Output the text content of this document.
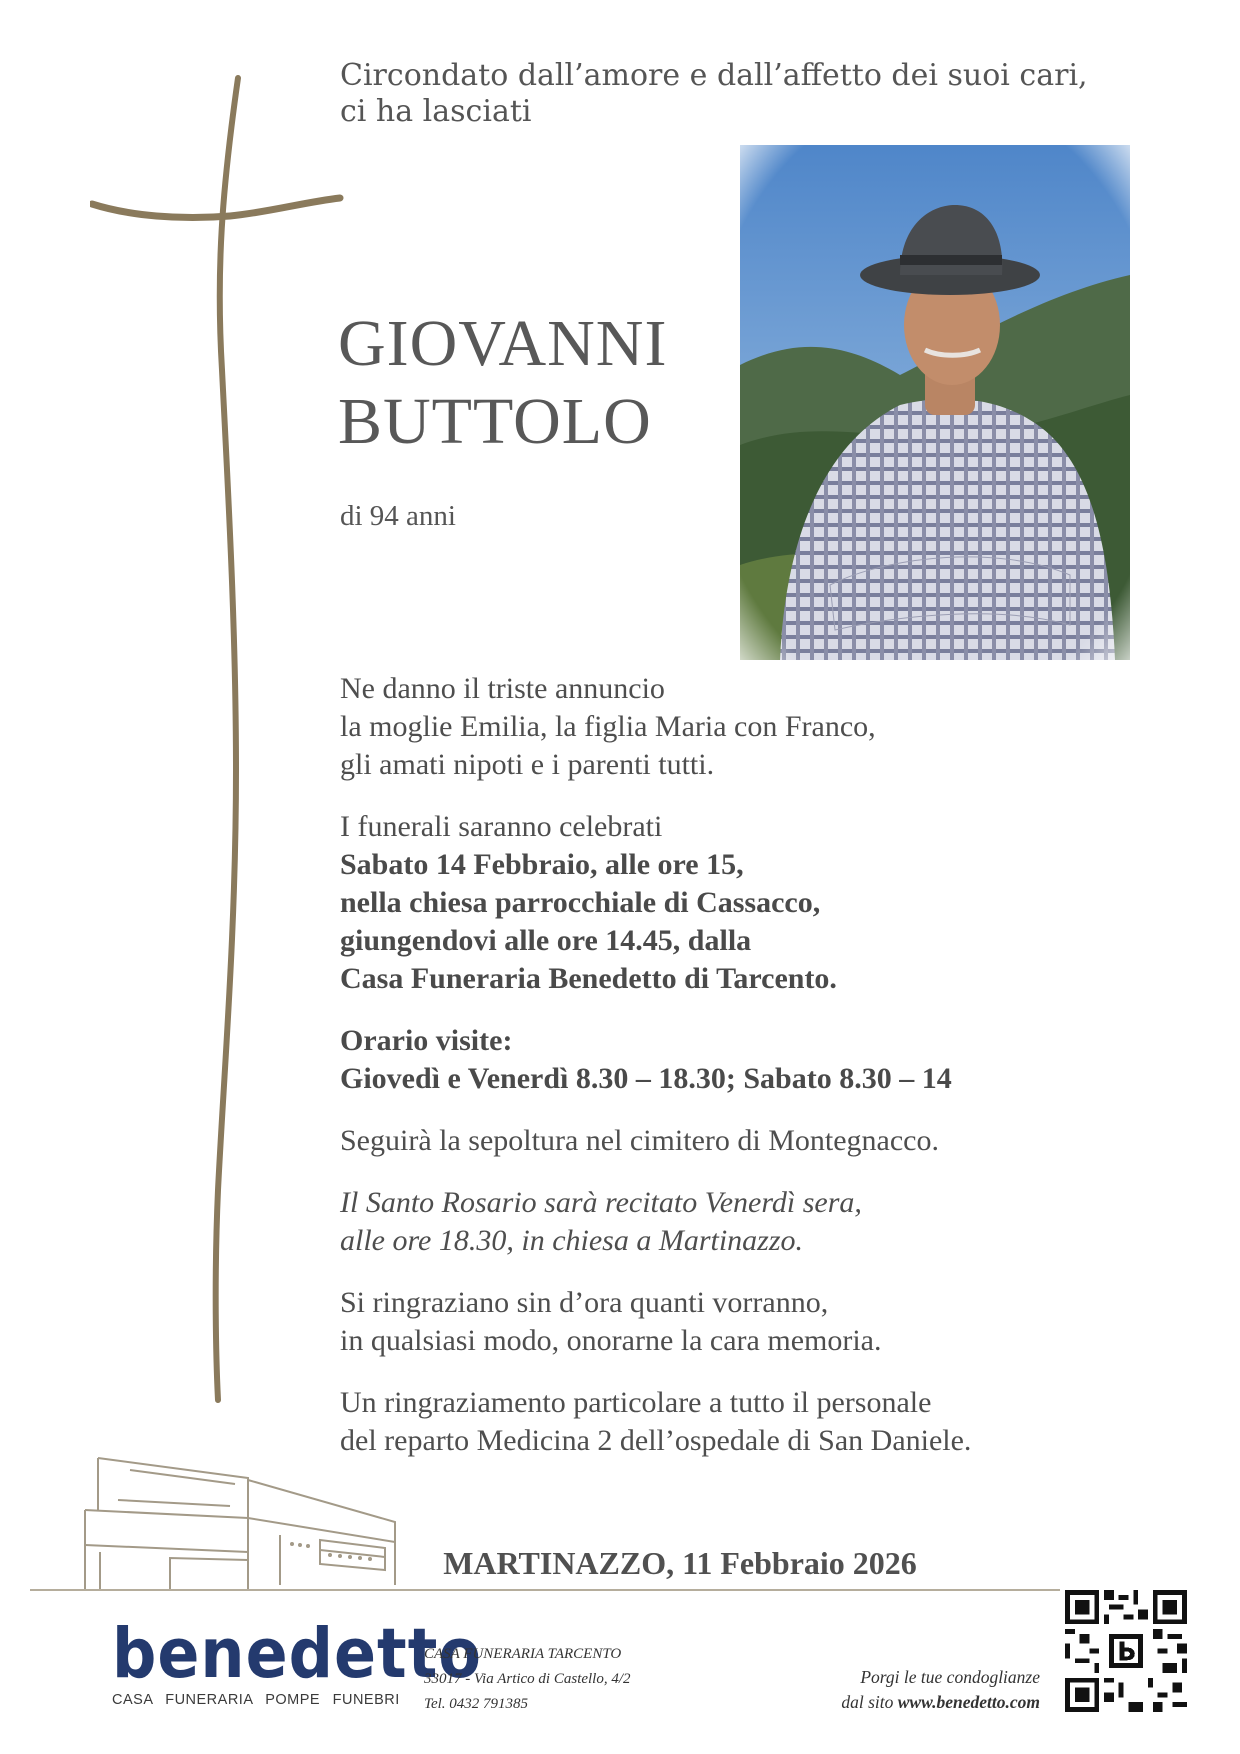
Circondato dall’amore e dall’affetto dei suoi cari,
ci ha lasciati
GIOVANNI
BUTTOLO
di 94 anni

Ne danno il triste annuncio
la moglie Emilia, la figlia Maria con Franco,
gli amati nipoti e i parenti tutti.

I funerali saranno celebrati
Sabato 14 Febbraio, alle ore 15,
nella chiesa parrocchiale di Cassacco,
giungendovi alle ore 14.45, dalla
Casa Funeraria Benedetto di Tarcento.

Orario visite:
Giovedì e Venerdì 8.30 – 18.30; Sabato 8.30 – 14

Seguirà la sepoltura nel cimitero di Montegnacco.

Il Santo Rosario sarà recitato Venerdì sera,
alle ore 18.30, in chiesa a Martinazzo.

Si ringraziano sin d’ora quanti vorranno,
in qualsiasi modo, onorarne la cara memoria.

Un ringraziamento particolare a tutto il personale
del reparto Medicina 2 dell’ospedale di San Daniele.

MARTINAZZO, 11 Febbraio 2026
benedetto
CASA FUNERARIA POMPE FUNEBRI
CASA FUNERARIA TARCENTO
33017 - Via Artico di Castello, 4/2
Tel. 0432 791385
Porgi le tue condoglianze
dal sito www.benedetto.com
